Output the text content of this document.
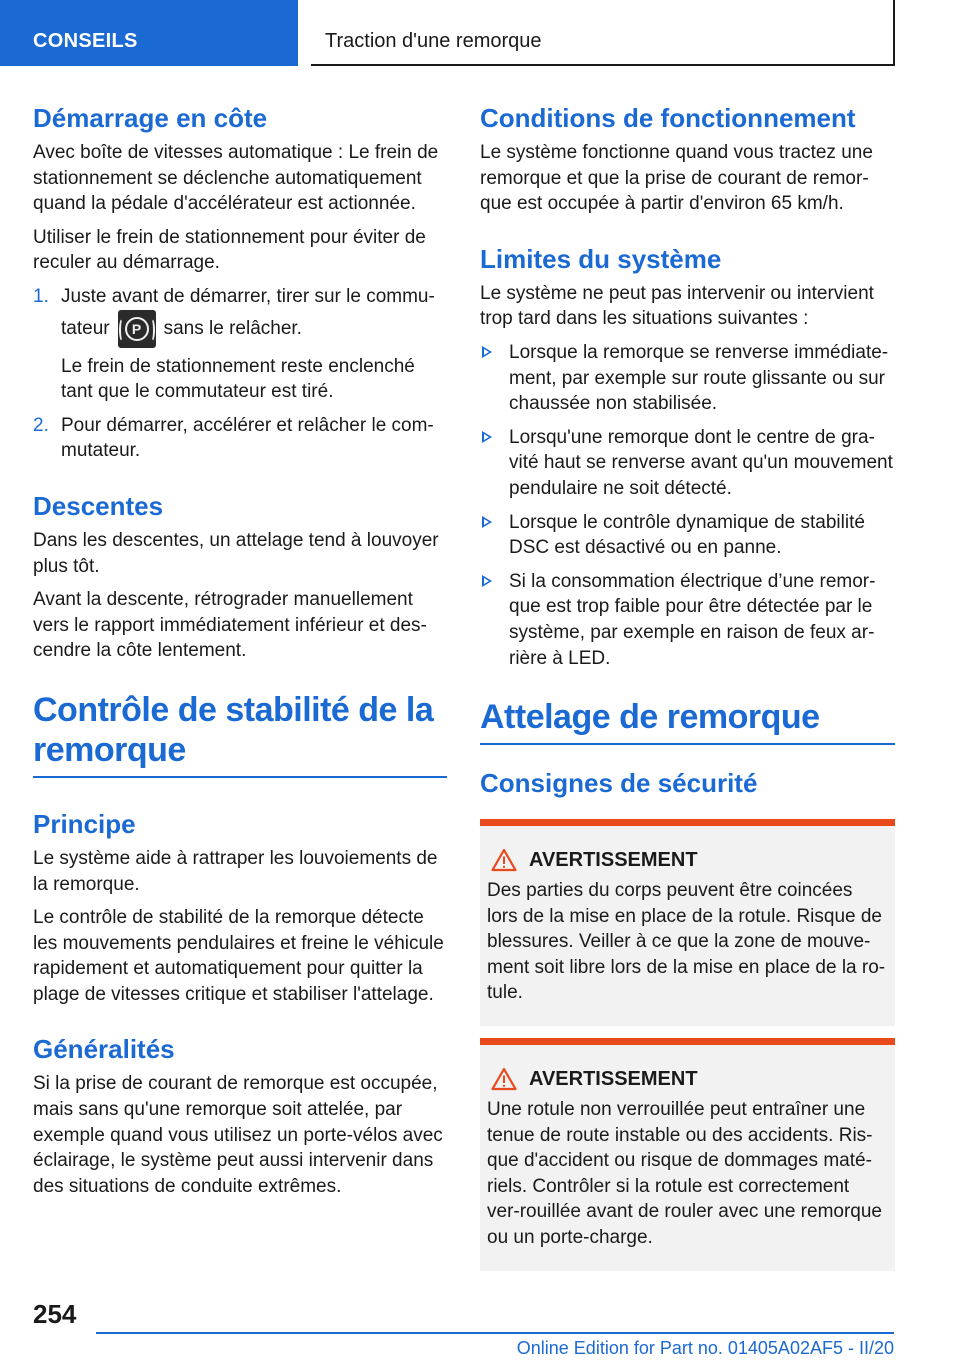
CONSEILS	Traction d'une remorque
Démarrage en côte

Avec boîte de vitesses automatique : Le frein de stationnement se déclenche automatiquement quand la pédale d'accélérateur est actionnée.

Utiliser le frein de stationnement pour éviter de reculer au démarrage.

1. Juste avant de démarrer, tirer sur le commu-tateur	P	sans le relâcher.

Le frein de stationnement reste enclenché tant que le commutateur est tiré.

2. Pour démarrer, accélérer et relâcher le com-mutateur.

Descentes

Dans les descentes, un attelage tend à louvoyer plus tôt.

Avant la descente, rétrograder manuellement vers le rapport immédiatement inférieur et des-cendre la côte lentement.

Contrôle de stabilité de la remorque
Principe

Le système aide à rattraper les louvoiements de la remorque.

Le contrôle de stabilité de la remorque détecte les mouvements pendulaires et freine le véhicule rapidement et automatiquement pour quitter la plage de vitesses critique et stabiliser l'attelage.

Généralités

Si la prise de courant de remorque est occupée, mais sans qu'une remorque soit attelée, par exemple quand vous utilisez un porte-vélos avec éclairage, le système peut aussi intervenir dans des situations de conduite extrêmes.

Conditions de fonctionnement

Le système fonctionne quand vous tractez une remorque et que la prise de courant de remor-que est occupée à partir d'environ 65 km/h.

Limites du système

Le système ne peut pas intervenir ou intervient trop tard dans les situations suivantes :

Lorsque la remorque se renverse immédiate-ment, par exemple sur route glissante ou sur chaussée non stabilisée.

Lorsqu'une remorque dont le centre de gra-vité haut se renverse avant qu'un mouvement pendulaire ne soit détecté.

Lorsque le contrôle dynamique de stabilité DSC est désactivé ou en panne.

Si la consommation électrique d’une remor-que est trop faible pour être détectée par le système, par exemple en raison de feux ar-rière à LED.

Attelage de remorque
Consignes de sécurité
AVERTISSEMENT

Des parties du corps peuvent être coincées lors de la mise en place de la rotule. Risque de blessures. Veiller à ce que la zone de mouve-ment soit libre lors de la mise en place de la ro-tule.

AVERTISSEMENT

Une rotule non verrouillée peut entraîner une tenue de route instable ou des accidents. Ris-que d'accident ou risque de dommages maté-riels. Contrôler si la rotule est correctement ver-rouillée avant de rouler avec une remorque ou un porte-charge.

254
Online Edition for Part no. 01405A02AF5 - II/20
